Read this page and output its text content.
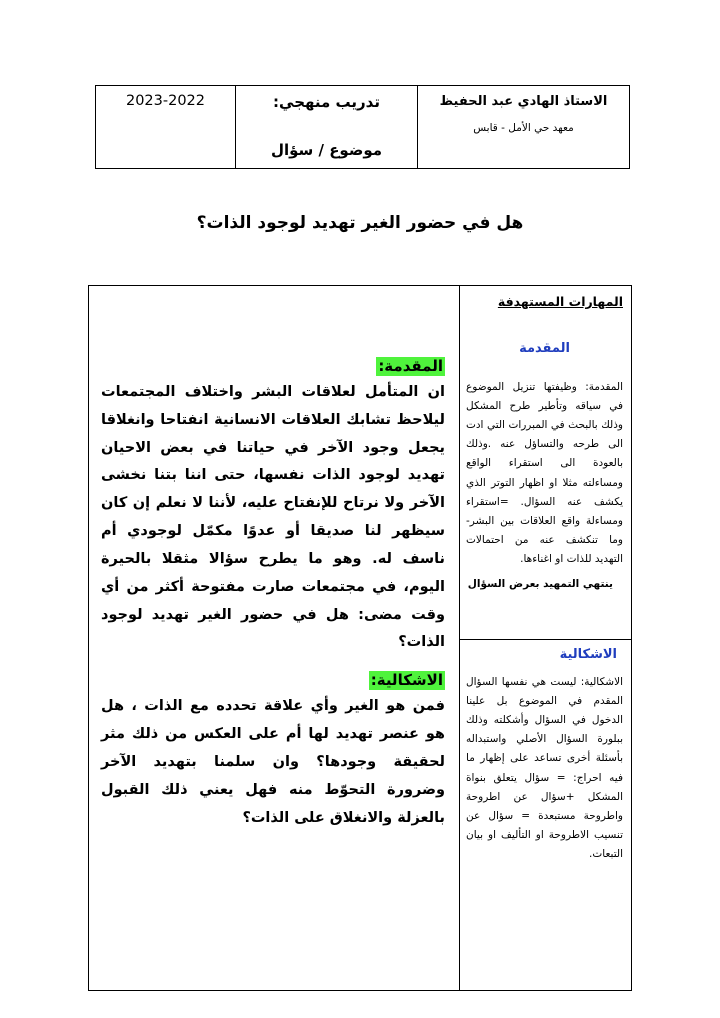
الاستاذ الهادي عبد الحفيظ
معهد حي الأمل - قابس
تدريب منهجي:
موضوع / سؤال
2023-2022
هل في حضور الغير تهديد لوجود الذات؟
المهارات المستهدفة
المقدمة
المقدمة: وظيفتها تنزيل الموضوع في سياقه وتأطير طرح المشكل وذلك بالبحث في المبررات التي ادت الى طرحه والتساؤل عنه .وذلك بالعودة الى استقراء الواقع ومساءلته مثلا او اظهار التوتر الذي يكشف عنه السؤال. =استقراء ومساءلة واقع العلاقات بين البشر- وما تنكشف عنه من احتمالات التهديد للذات او اغناءها.
ينتهي التمهيد بعرض السؤال
الاشكالية
الاشكالية: ليست هي نفسها السؤال المقدم في الموضوع بل علينا الدخول في السؤال وأشكلته وذلك ببلورة السؤال الأصلي واستبداله بأسئلة أخرى تساعد على إظهار ما فيه احراج: = سؤال يتعلق بنواة المشكل +سؤال عن اطروحة واطروحة مستبعدة = سؤال عن تنسيب الاطروحة او التأليف او بيان التبعات.
المقدمة:
ان المتأمل لعلاقات البشر واختلاف المجتمعات ليلاحظ تشابك العلاقات الانسانية انفتاحا وانغلاقا يجعل وجود الآخر في حياتنا في بعض الاحيان تهديد لوجود الذات نفسها، حتى اننا بتنا نخشى الآخر ولا نرتاح للإنفتاح عليه، لأننا لا نعلم إن كان سيظهر لنا صديقا أو عدوًا مكمّل لوجودي أم ناسف له. وهو ما يطرح سؤالا مثقلا بالحيرة اليوم، في مجتمعات صارت مفتوحة أكثر من أي وقت مضى: هل في حضور الغير تهديد لوجود الذات؟
الاشكالية:
فمن هو الغير وأي علاقة تحدده مع الذات ، هل هو عنصر تهديد لها أم على العكس من ذلك مثر لحقيقة وجودها؟ وان سلمنا بتهديد الآخر وضرورة التحوّط منه فهل يعني ذلك القبول بالعزلة والانغلاق على الذات؟
